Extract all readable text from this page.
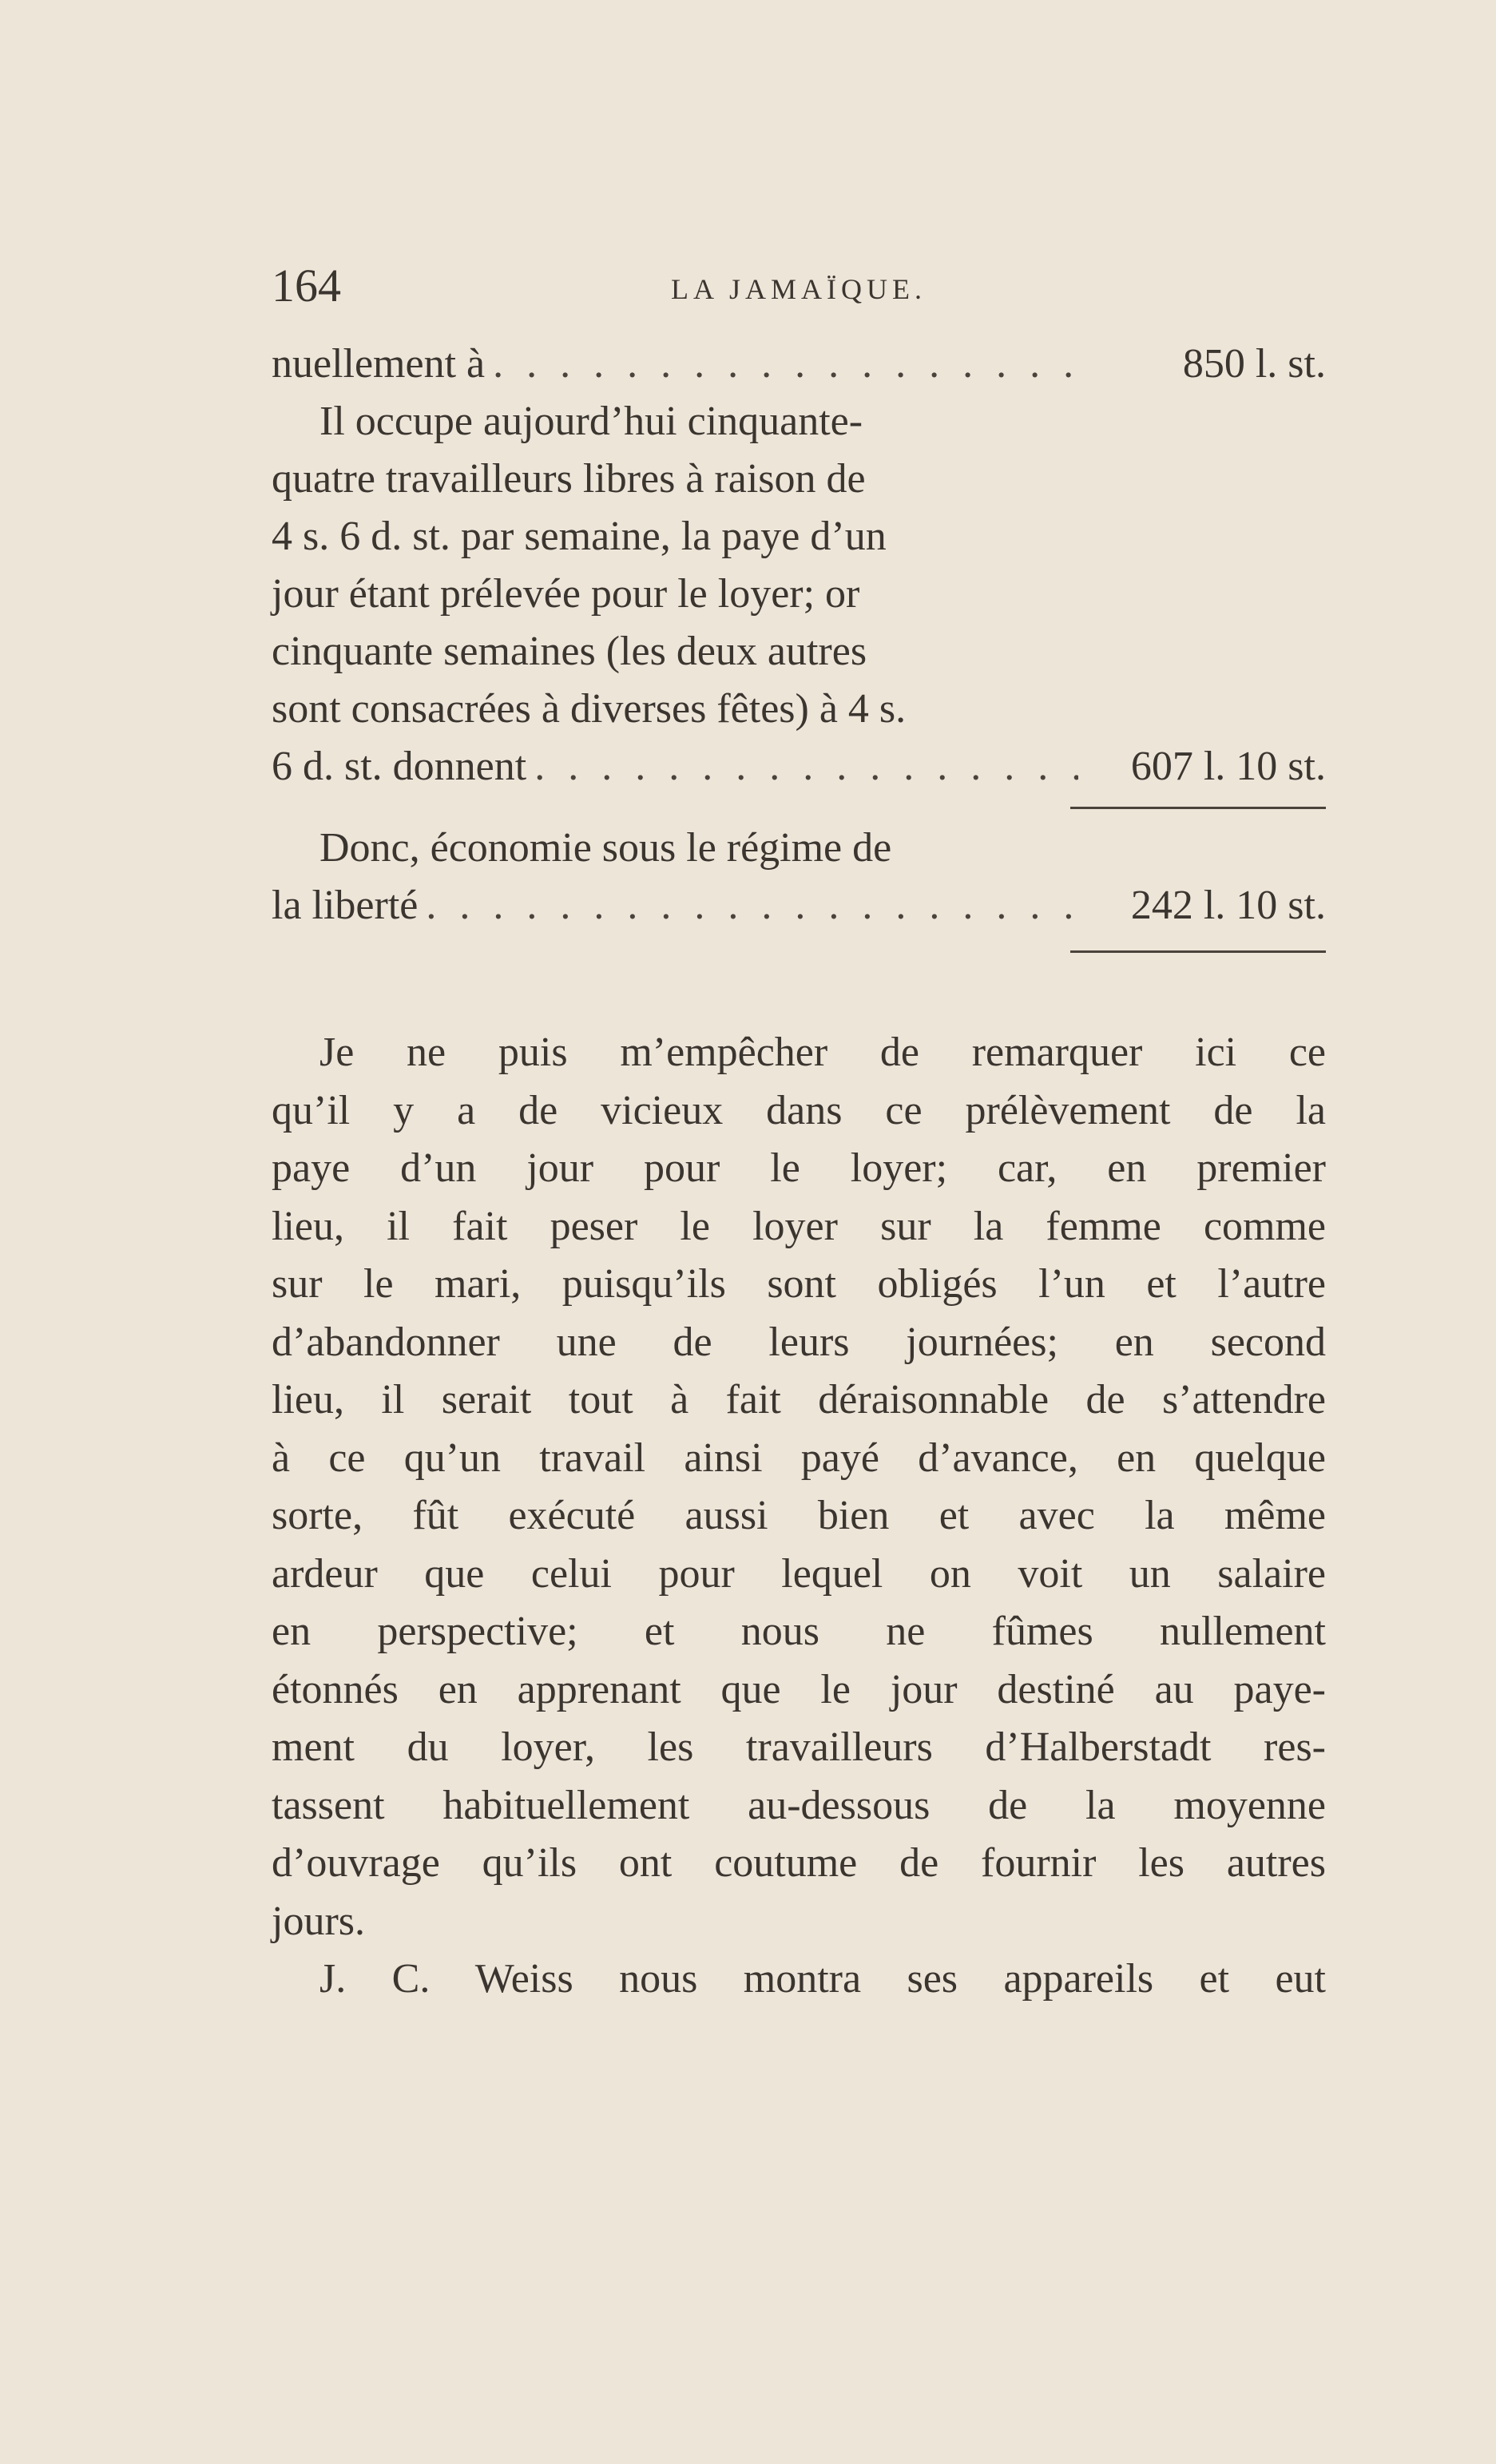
164	LA JAMAÏQUE.
nuellement à . . .	850 l. st.
Il occupe aujourd’hui cinquante-
quatre travailleurs libres à raison de
4 s. 6 d. st. par semaine, la paye d’un
jour étant prélevée pour le loyer; or
cinquante semaines (les deux autres
sont consacrées à diverses fêtes) à 4 s.
6 d. st. donnent . . .	607 l. 10 st.
Donc, économie sous le régime de
la liberté . . .	242 l. 10 st.
Je ne puis m’empêcher de remarquer ici ce
qu’il y a de vicieux dans ce prélèvement de la
paye d’un jour pour le loyer; car, en premier
lieu, il fait peser le loyer sur la femme comme
sur le mari, puisqu’ils sont obligés l’un et l’autre
d’abandonner une de leurs journées; en second
lieu, il serait tout à fait déraisonnable de s’attendre
à ce qu’un travail ainsi payé d’avance, en quelque
sorte, fût exécuté aussi bien et avec la même
ardeur que celui pour lequel on voit un salaire
en perspective; et nous ne fûmes nullement
étonnés en apprenant que le jour destiné au paye-
ment du loyer, les travailleurs d’Halberstadt res-
tassent habituellement au-dessous de la moyenne
d’ouvrage qu’ils ont coutume de fournir les autres
jours.
J. C. Weiss nous montra ses appareils et eut
